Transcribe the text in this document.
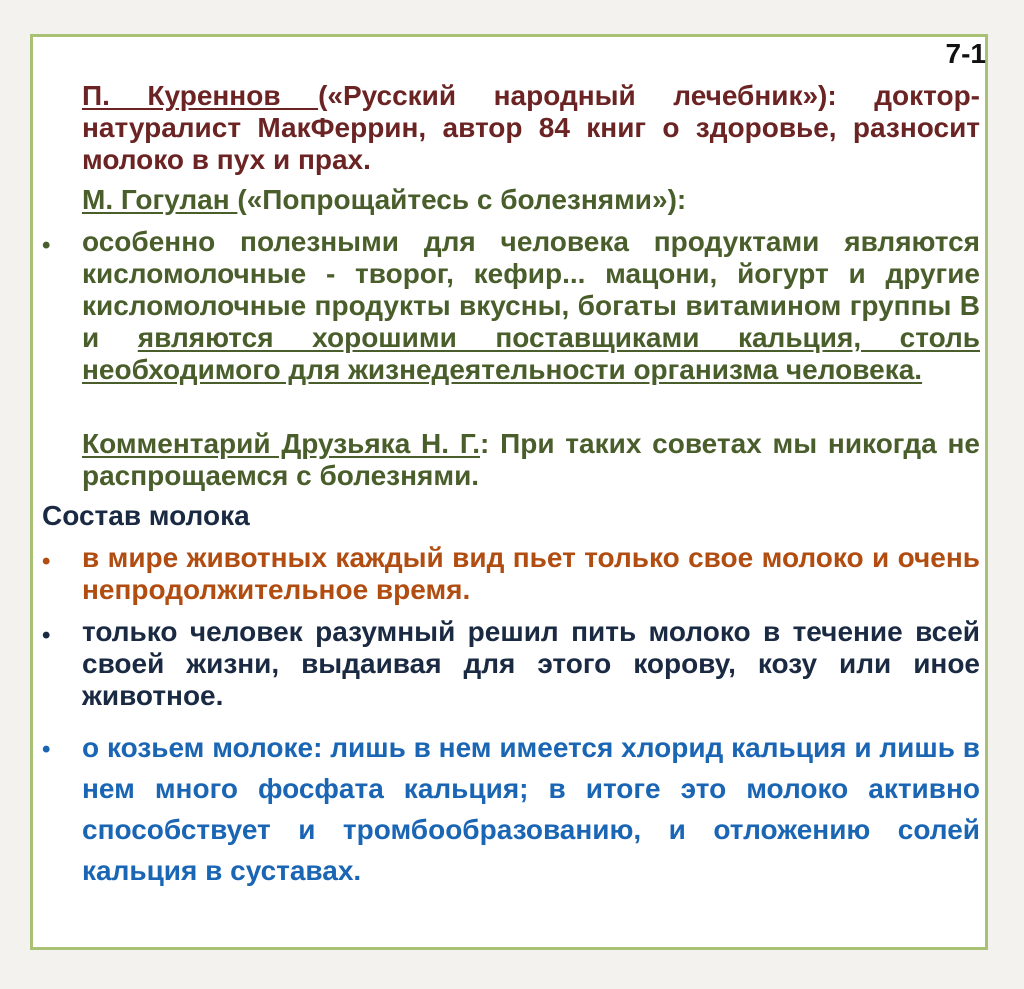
7-1
П. Куреннов («Русский народный лечебник»): доктор-натуралист МакФеррин, автор 84 книг о здоровье, разносит молоко в пух и прах.
М. Гогулан («Попрощайтесь с болезнями»):
• особенно полезными для человека продуктами являются кисломолочные - творог, кефир... мацони, йогурт и другие кисломолочные продукты вкусны, богаты витамином группы В и являются хорошими поставщиками кальция, столь необходимого для жизнедеятельности организма человека.
Комментарий Друзьяка Н. Г.: При таких советах мы никогда не распрощаемся с болезнями.
Состав молока
• в мире животных каждый вид пьет только свое молоко и очень непродолжительное время.
• только человек разумный решил пить молоко в течение всей своей жизни, выдаивая для этого корову, козу или иное животное.
• о козьем молоке: лишь в нем имеется хлорид кальция и лишь в нем много фосфата кальция; в итоге это молоко активно способствует и тромбообразованию, и отложению солей кальция в суставах.
